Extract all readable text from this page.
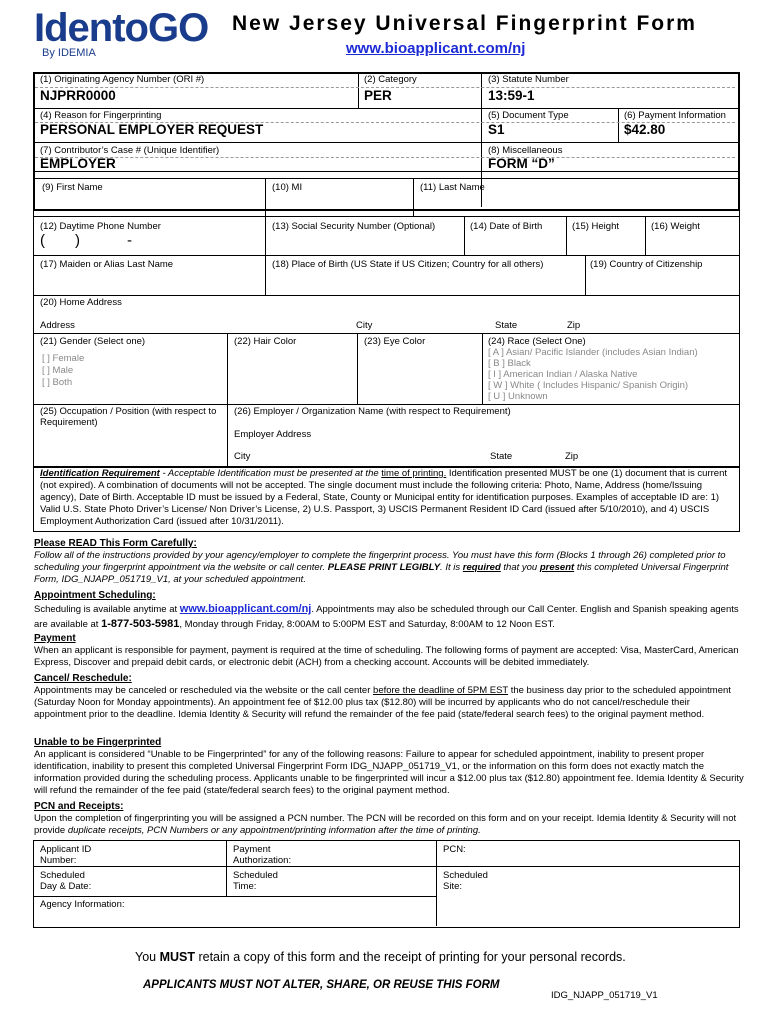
IdentoGO
By IDEMIA
New Jersey Universal Fingerprint Form
www.bioapplicant.com/nj
(1) Originating Agency Number (ORI #)
NJPRR0000
(2) Category
PER
(3) Statute Number
13:59-1
(4) Reason for Fingerprinting
PERSONAL EMPLOYER REQUEST
(5) Document Type
S1
(6) Payment Information
$42.80
(7) Contributor’s Case # (Unique Identifier)
EMPLOYER
(8) Miscellaneous
FORM “D”
(9) First Name	(10) MI	(11) Last Name
(12) Daytime Phone Number
( )	-
(13) Social Security Number (Optional)	(14) Date of Birth	(15) Height	(16) Weight
(17) Maiden or Alias Last Name	(18) Place of Birth (US State if US Citizen; Country for all others)	(19) Country of Citizenship
(20) Home Address
Address	City	State	Zip
(21) Gender (Select one)
[ ] Female
[ ] Male
[ ] Both
(22) Hair Color	(23) Eye Color	(24) Race (Select One)
[ A ] Asian/ Pacific Islander (includes Asian Indian)
[ B ] Black
[ I ] American Indian / Alaska Native
[ W ] White ( Includes Hispanic/ Spanish Origin)
[ U ] Unknown
(25) Occupation / Position (with respect to Requirement)
(26) Employer / Organization Name (with respect to Requirement)
Employer Address
City	State	Zip
Identification Requirement - Acceptable Identification must be presented at the time of printing. Identification presented MUST be one (1) document that is current (not expired). A combination of documents will not be accepted. The single document must include the following criteria: Photo, Name, Address (home/Issuing agency), Date of Birth. Acceptable ID must be issued by a Federal, State, County or Municipal entity for identification purposes. Examples of acceptable ID are: 1) Valid U.S. State Photo Driver’s License/ Non Driver’s License, 2) U.S. Passport, 3) USCIS Permanent Resident ID Card (issued after 5/10/2010), and 4) USCIS Employment Authorization Card (issued after 10/31/2011).
Please READ This Form Carefully:
Follow all of the instructions provided by your agency/employer to complete the fingerprint process. You must have this form (Blocks 1 through 26) completed prior to scheduling your fingerprint appointment via the website or call center. PLEASE PRINT LEGIBLY. It is required that you present this completed Universal Fingerprint Form, IDG_NJAPP_051719_V1, at your scheduled appointment.
Appointment Scheduling:
Scheduling is available anytime at www.bioapplicant.com/nj. Appointments may also be scheduled through our Call Center. English and Spanish speaking agents are available at 1-877-503-5981, Monday through Friday, 8:00AM to 5:00PM EST and Saturday, 8:00AM to 12 Noon EST.
Payment
When an applicant is responsible for payment, payment is required at the time of scheduling. The following forms of payment are accepted: Visa, MasterCard, American Express, Discover and prepaid debit cards, or electronic debit (ACH) from a checking account. Accounts will be debited immediately.
Cancel/ Reschedule:
Appointments may be canceled or rescheduled via the website or the call center before the deadline of 5PM EST the business day prior to the scheduled appointment (Saturday Noon for Monday appointments). An appointment fee of $12.00 plus tax ($12.80) will be incurred by applicants who do not cancel/reschedule their appointment prior to the deadline. Idemia Identity & Security will refund the remainder of the fee paid (state/federal search fees) to the original payment method.
Unable to be Fingerprinted
An applicant is considered “Unable to be Fingerprinted” for any of the following reasons: Failure to appear for scheduled appointment, inability to present proper identification, inability to present this completed Universal Fingerprint Form IDG_NJAPP_051719_V1, or the information on this form does not exactly match the information provided during the scheduling process. Applicants unable to be fingerprinted will incur a $12.00 plus tax ($12.80) appointment fee. Idemia Identity & Security will refund the remainder of the fee paid (state/federal search fees) to the original payment method.
PCN and Receipts:
Upon the completion of fingerprinting you will be assigned a PCN number. The PCN will be recorded on this form and on your receipt. Idemia Identity & Security will not provide duplicate receipts, PCN Numbers or any appointment/printing information after the time of printing.
Applicant ID
Number:
Payment
Authorization:
PCN:
Scheduled
Day & Date:
Scheduled
Time:
Scheduled
Site:
Agency Information:
You MUST retain a copy of this form and the receipt of printing for your personal records.
APPLICANTS MUST NOT ALTER, SHARE, OR REUSE THIS FORM
IDG_NJAPP_051719_V1
